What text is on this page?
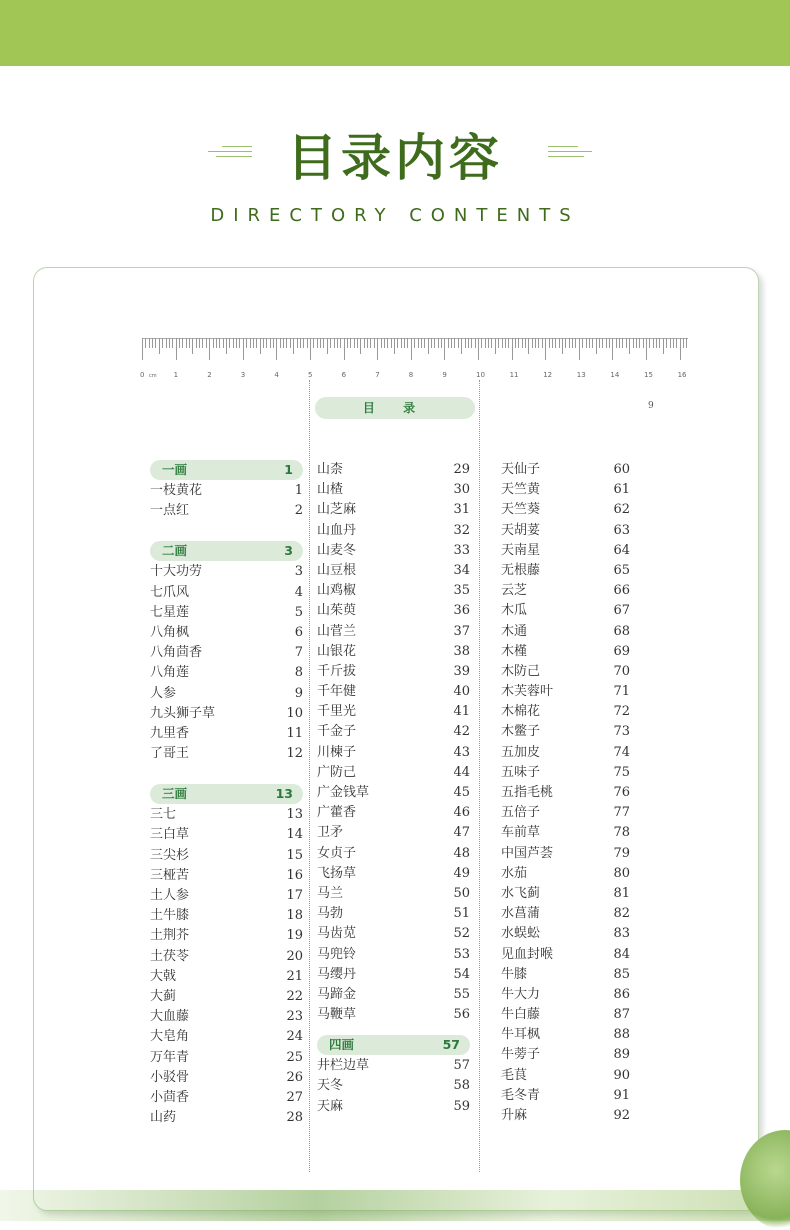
目录内容
DIRECTORY CONTENTS
0	1	2	3	4	5	6	7	8	9	10	11	12	13	14	15	16
cm
目 录	9
一画	1
一枝黄花	1
一点红	2
二画	3
十大功劳	3
七爪风	4
七星莲	5
八角枫	6
八角茴香	7
八角莲	8
人参	9
九头狮子草	10
九里香	11
了哥王	12
三画	13
三七	13
三白草	14
三尖杉	15
三桠苦	16
土人参	17
土牛膝	18
土荆芥	19
土茯苓	20
大戟	21
大蓟	22
大血藤	23
大皂角	24
万年青	25
小驳骨	26
小茴香	27
山药	28
山柰	29
山楂	30
山芝麻	31
山血丹	32
山麦冬	33
山豆根	34
山鸡椒	35
山茱萸	36
山菅兰	37
山银花	38
千斤拔	39
千年健	40
千里光	41
千金子	42
川楝子	43
广防己	44
广金钱草	45
广藿香	46
卫矛	47
女贞子	48
飞扬草	49
马兰	50
马勃	51
马齿苋	52
马兜铃	53
马缨丹	54
马蹄金	55
马鞭草	56
四画	57
井栏边草	57
天冬	58
天麻	59
天仙子	60
天竺黄	61
天竺葵	62
天胡荽	63
天南星	64
无根藤	65
云芝	66
木瓜	67
木通	68
木槿	69
木防己	70
木芙蓉叶	71
木棉花	72
木鳖子	73
五加皮	74
五味子	75
五指毛桃	76
五倍子	77
车前草	78
中国芦荟	79
水茄	80
水飞蓟	81
水菖蒲	82
水蜈蚣	83
见血封喉	84
牛膝	85
牛大力	86
牛白藤	87
牛耳枫	88
牛蒡子	89
毛茛	90
毛冬青	91
升麻	92
